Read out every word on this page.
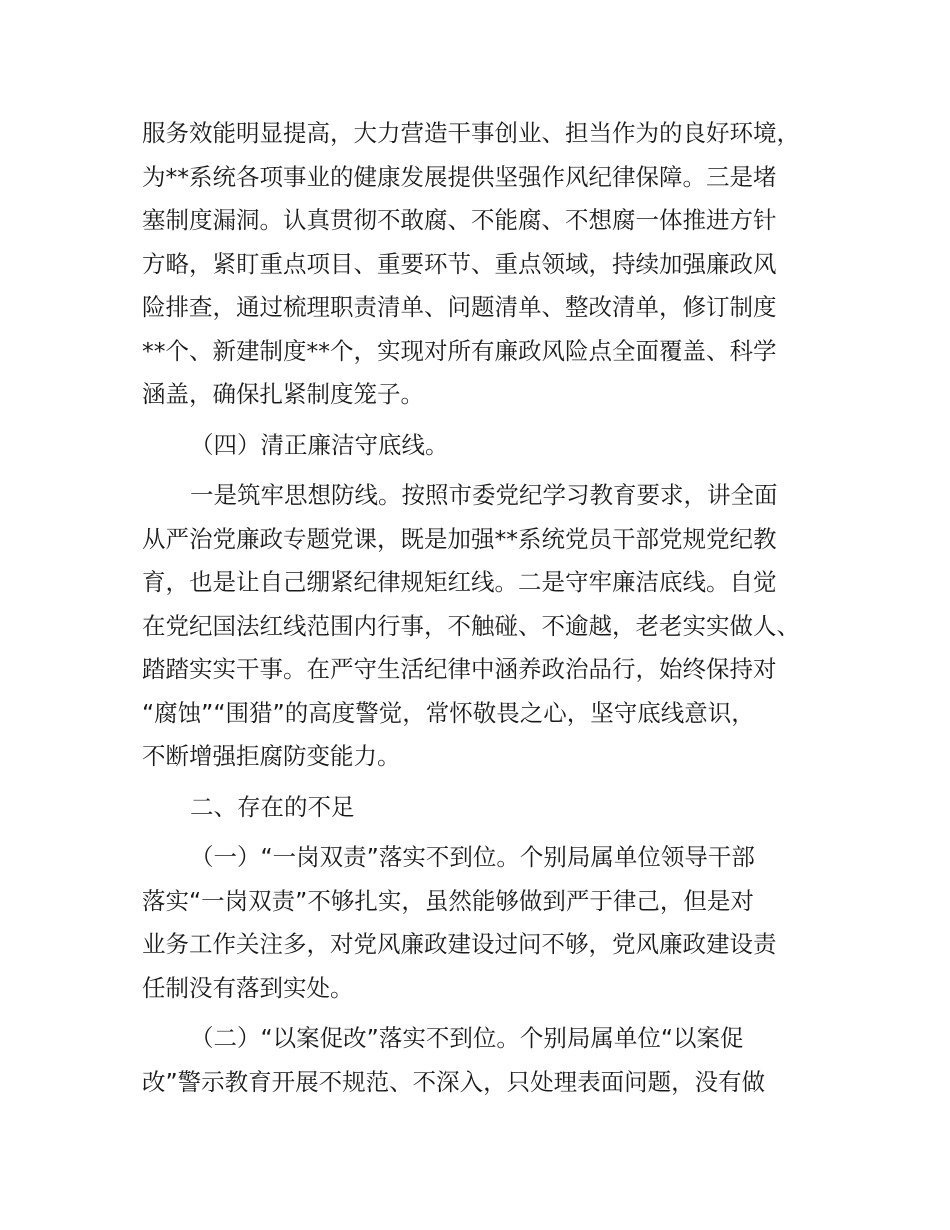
服务效能明显提高，大力营造干事创业、担当作为的良好环境，
为**系统各项事业的健康发展提供坚强作风纪律保障。三是堵
塞制度漏洞。认真贯彻不敢腐、不能腐、不想腐一体推进方针
方略，紧盯重点项目、重要环节、重点领域，持续加强廉政风
险排查，通过梳理职责清单、问题清单、整改清单，修订制度
**个、新建制度**个，实现对所有廉政风险点全面覆盖、科学
涵盖，确保扎紧制度笼子。
（四）清正廉洁守底线。
一是筑牢思想防线。按照市委党纪学习教育要求，讲全面
从严治党廉政专题党课，既是加强**系统党员干部党规党纪教
育，也是让自己绷紧纪律规矩红线。二是守牢廉洁底线。自觉
在党纪国法红线范围内行事，不触碰、不逾越，老老实实做人、
踏踏实实干事。在严守生活纪律中涵养政治品行，始终保持对
“腐蚀”“围猎”的高度警觉，常怀敬畏之心，坚守底线意识，
不断增强拒腐防变能力。
二、存在的不足
（一）“一岗双责”落实不到位。个别局属单位领导干部
落实“一岗双责”不够扎实，虽然能够做到严于律己，但是对
业务工作关注多，对党风廉政建设过问不够，党风廉政建设责
任制没有落到实处。
（二）“以案促改”落实不到位。个别局属单位“以案促
改”警示教育开展不规范、不深入，只处理表面问题，没有做
